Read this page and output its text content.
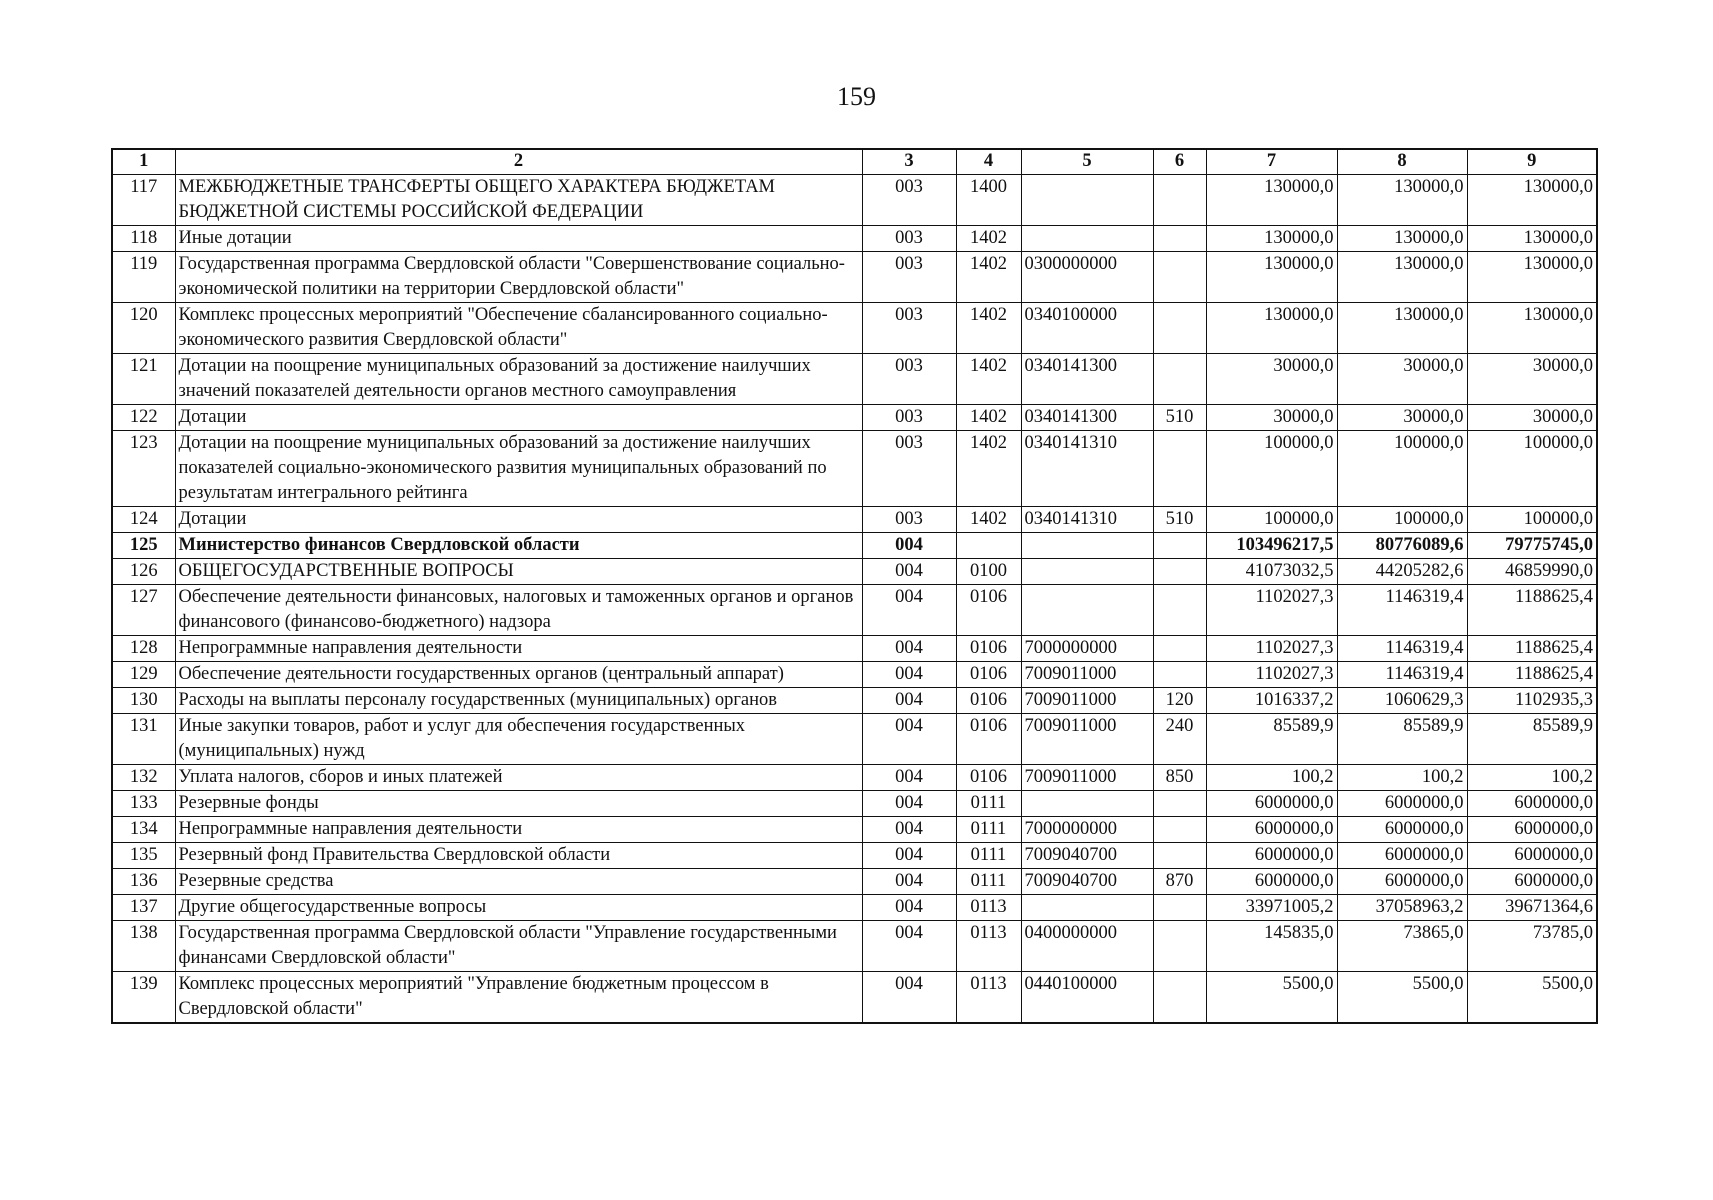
159
1	2	3	4	5	6	7	8	9
117	МЕЖБЮДЖЕТНЫЕ ТРАНСФЕРТЫ ОБЩЕГО ХАРАКТЕРА БЮДЖЕТАМ БЮДЖЕТНОЙ СИСТЕМЫ РОССИЙСКОЙ ФЕДЕРАЦИИ	003	1400			130000,0	130000,0	130000,0
118	Иные дотации	003	1402			130000,0	130000,0	130000,0
119	Государственная программа Свердловской области "Совершенствование социально-экономической политики на территории Свердловской области"	003	1402	0300000000		130000,0	130000,0	130000,0
120	Комплекс процессных мероприятий "Обеспечение сбалансированного социально-экономического развития Свердловской области"	003	1402	0340100000		130000,0	130000,0	130000,0
121	Дотации на поощрение муниципальных образований за достижение наилучших значений показателей деятельности органов местного самоуправления	003	1402	0340141300		30000,0	30000,0	30000,0
122	Дотации	003	1402	0340141300	510	30000,0	30000,0	30000,0
123	Дотации на поощрение муниципальных образований за достижение наилучших показателей социально-экономического развития муниципальных образований по результатам интегрального рейтинга	003	1402	0340141310		100000,0	100000,0	100000,0
124	Дотации	003	1402	0340141310	510	100000,0	100000,0	100000,0
125	Министерство финансов Свердловской области	004				103496217,5	80776089,6	79775745,0
126	ОБЩЕГОСУДАРСТВЕННЫЕ ВОПРОСЫ	004	0100			41073032,5	44205282,6	46859990,0
127	Обеспечение деятельности финансовых, налоговых и таможенных органов и органов финансового (финансово-бюджетного) надзора	004	0106			1102027,3	1146319,4	1188625,4
128	Непрограммные направления деятельности	004	0106	7000000000		1102027,3	1146319,4	1188625,4
129	Обеспечение деятельности государственных органов (центральный аппарат)	004	0106	7009011000		1102027,3	1146319,4	1188625,4
130	Расходы на выплаты персоналу государственных (муниципальных) органов	004	0106	7009011000	120	1016337,2	1060629,3	1102935,3
131	Иные закупки товаров, работ и услуг для обеспечения государственных (муниципальных) нужд	004	0106	7009011000	240	85589,9	85589,9	85589,9
132	Уплата налогов, сборов и иных платежей	004	0106	7009011000	850	100,2	100,2	100,2
133	Резервные фонды	004	0111			6000000,0	6000000,0	6000000,0
134	Непрограммные направления деятельности	004	0111	7000000000		6000000,0	6000000,0	6000000,0
135	Резервный фонд Правительства Свердловской области	004	0111	7009040700		6000000,0	6000000,0	6000000,0
136	Резервные средства	004	0111	7009040700	870	6000000,0	6000000,0	6000000,0
137	Другие общегосударственные вопросы	004	0113			33971005,2	37058963,2	39671364,6
138	Государственная программа Свердловской области "Управление государственными финансами Свердловской области"	004	0113	0400000000		145835,0	73865,0	73785,0
139	Комплекс процессных мероприятий "Управление бюджетным процессом в Свердловской области"	004	0113	0440100000		5500,0	5500,0	5500,0
